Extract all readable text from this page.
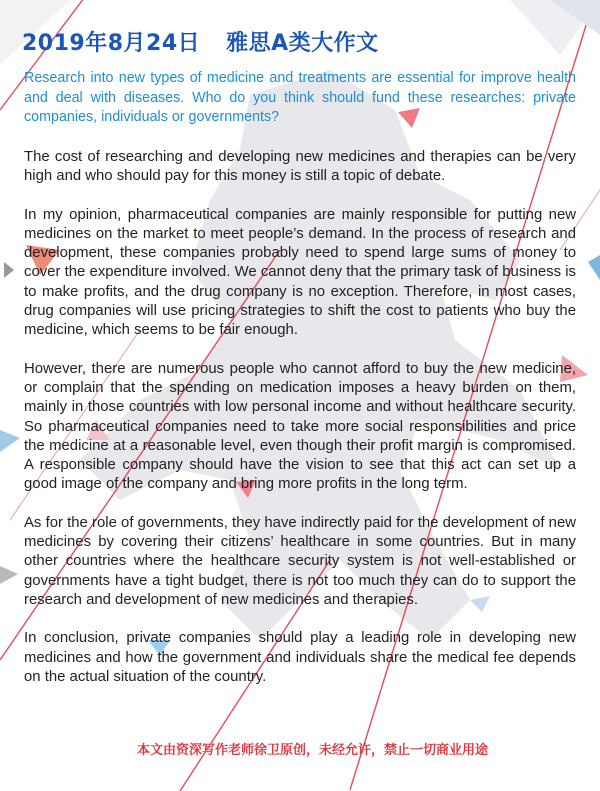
2019年8月24日 雅思A类大作文
Research into new types of medicine and treatments are essential for improve health and deal with diseases. Who do you think should fund these researches: private companies, individuals or governments?

The cost of researching and developing new medicines and therapies can be very high and who should pay for this money is still a topic of debate.

In my opinion, pharmaceutical companies are mainly responsible for putting new medicines on the market to meet people’s demand. In the process of research and development, these companies probably need to spend large sums of money to cover the expenditure involved. We cannot deny that the primary task of business is to make profits, and the drug company is no exception. Therefore, in most cases, drug companies will use pricing strategies to shift the cost to patients who buy the medicine, which seems to be fair enough.

However, there are numerous people who cannot afford to buy the new medicine, or complain that the spending on medication imposes a heavy burden on them, mainly in those countries with low personal income and without healthcare security. So pharmaceutical companies need to take more social responsibilities and price the medicine at a reasonable level, even though their profit margin is compromised. A responsible company should have the vision to see that this act can set up a good image of the company and bring more profits in the long term.

As for the role of governments, they have indirectly paid for the development of new medicines by covering their citizens’ healthcare in some countries. But in many other countries where the healthcare security system is not well-established or governments have a tight budget, there is not too much they can do to support the research and development of new medicines and therapies.

In conclusion, private companies should play a leading role in developing new medicines and how the government and individuals share the medical fee depends on the actual situation of the country.

本文由资深写作老师徐卫原创，未经允许，禁止一切商业用途
